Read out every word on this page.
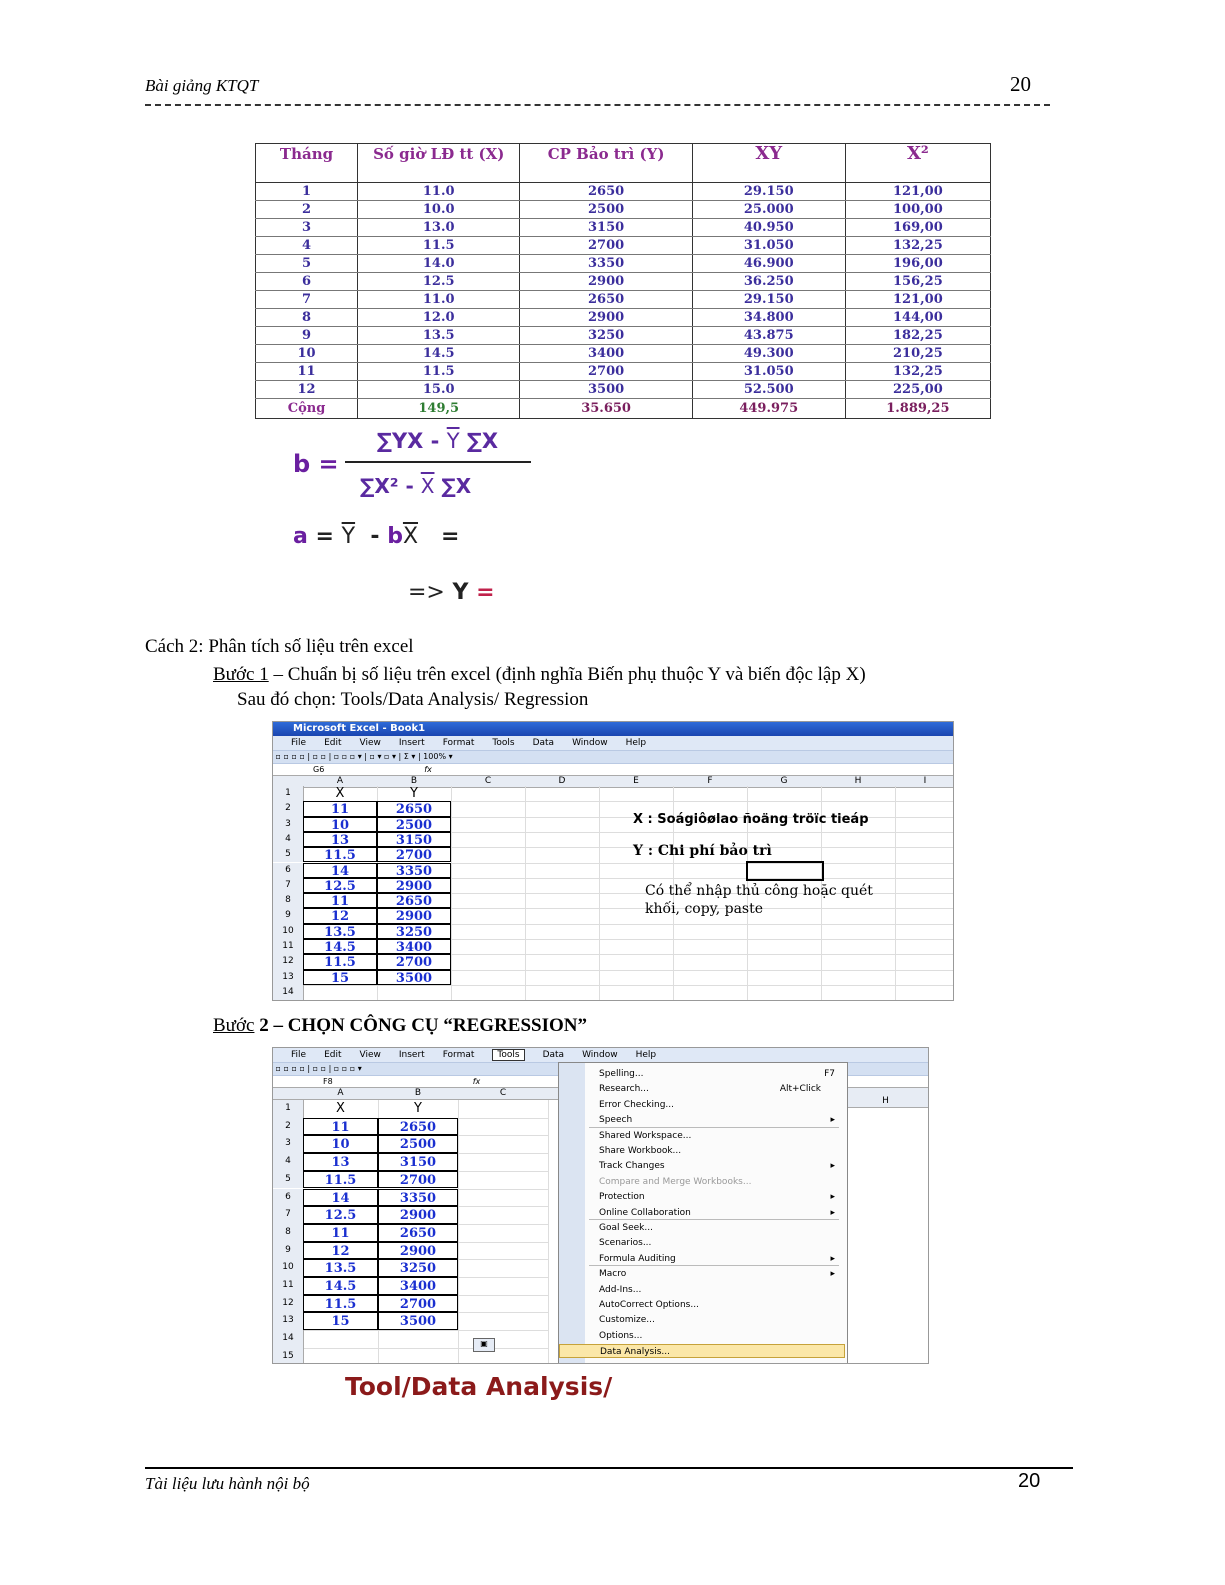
Bài giảng KTQT	20
Tháng	Số giờ LĐ tt (X)	CP Bảo trì (Y)	XY	X²
1	11.0	2650	29.150	121,00
2	10.0	2500	25.000	100,00
3	13.0	3150	40.950	169,00
4	11.5	2700	31.050	132,25
5	14.0	3350	46.900	196,00
6	12.5	2900	36.250	156,25
7	11.0	2650	29.150	121,00
8	12.0	2900	34.800	144,00
9	13.5	3250	43.875	182,25
10	14.5	3400	49.300	210,25
11	11.5	2700	31.050	132,25
12	15.0	3500	52.500	225,00
Cộng	149,5	35.650	449.975	1.889,25
b =
$\sum YX - \overline{Y}$ ∑X
$\sum X^2 - \overline{X}$ ∑X
$a = \overline{Y} - b\overline{X}$   =
=> Y =
Cách 2: Phân tích số liệu trên excel
Bước 1 – Chuẩn bị số liệu trên excel (định nghĩa Biến phụ thuộc Y và biến độc lập X)
Sau đó chọn: Tools/Data Analysis/ Regression
Microsoft Excel - Book1
File Edit View Insert Format Tools Data Window Help
▫ ▫ ▫ ▫ | ▫ ▫ | ▫ ▫ ▫ ▾ | ▫ ▾ ▫ ▾ | Σ ▾ | 100% ▾
G6	fx
A	B	C	D	E	F	G	H	I
1	X	Y
2	11	2650
3	10	2500
4	13	3150
5	11.5	2700
6	14	3350
7	12.5	2900
8	11	2650
9	12	2900
10	13.5	3250
11	14.5	3400
12	11.5	2700
13	15	3500
14
X : Soágiôølao ñoäng tröïc tieáp
Y : Chi phí bảo trì
Có thể nhập thủ công hoặc quét khối, copy, paste
Bước 2 – CHỌN CÔNG CỤ “REGRESSION”
File Edit View Insert Format	Tools	Data Window Help
▫ ▫ ▫ ▫ | ▫ ▫ | ▫ ▫ ▫ ▾
F8	fx
A	B	C
1	X	Y
2	11	2650
3	10	2500
4	13	3150
5	11.5	2700
6	14	3350
7	12.5	2900
8	11	2650
9	12	2900
10	13.5	3250
11	14.5	3400
12	11.5	2700
13	15	3500
14
15
▣
H
Spelling...	F7
Research...	Alt+Click
Error Checking...
Speech	▸
Shared Workspace...
Share Workbook...
Track Changes	▸
Compare and Merge Workbooks...
Protection	▸
Online Collaboration	▸
Goal Seek...
Scenarios...
Formula Auditing	▸
Macro	▸
Add-Ins...
AutoCorrect Options...
Customize...
Options...
Data Analysis...
Tool/Data Analysis/
Tài liệu lưu hành nội bộ	20
